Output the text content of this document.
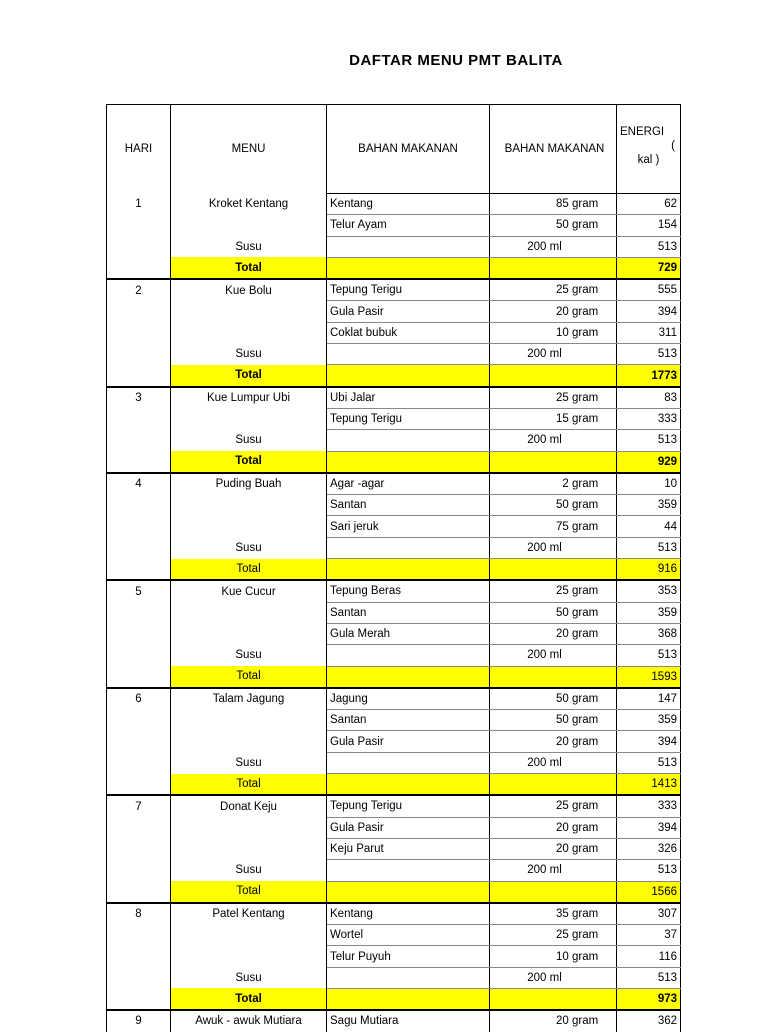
DAFTAR MENU PMT BALITA
HARI	MENU	BAHAN MAKANAN	BAHAN MAKANAN	ENERGI
(
kal )

1	Kroket Kentang	Kentang	85 gram	62
		Telur Ayam	50 gram	154
	Susu		200 ml	513
	Total			729
2	Kue Bolu	Tepung Terigu	25 gram	555
		Gula Pasir	20 gram	394
		Coklat bubuk	10 gram	311
	Susu		200 ml	513
	Total			1773
3	Kue Lumpur Ubi	Ubi Jalar	25 gram	83
		Tepung Terigu	15 gram	333
	Susu		200 ml	513
	Total			929
4	Puding Buah	Agar -agar	2 gram	10
		Santan	50 gram	359
		Sari jeruk	75 gram	44
	Susu		200 ml	513
	Total			916
5	Kue Cucur	Tepung Beras	25 gram	353
		Santan	50 gram	359
		Gula Merah	20 gram	368
	Susu		200 ml	513
	Total			1593
6	Talam Jagung	Jagung	50 gram	147
		Santan	50 gram	359
		Gula Pasir	20 gram	394
	Susu		200 ml	513
	Total			1413
7	Donat Keju	Tepung Terigu	25 gram	333
		Gula Pasir	20 gram	394
		Keju Parut	20 gram	326
	Susu		200 ml	513
	Total			1566
8	Patel Kentang	Kentang	35 gram	307
		Wortel	25 gram	37
		Telur Puyuh	10 gram	116
	Susu		200 ml	513
	Total			973
9	Awuk - awuk Mutiara	Sagu Mutiara	20 gram	362
